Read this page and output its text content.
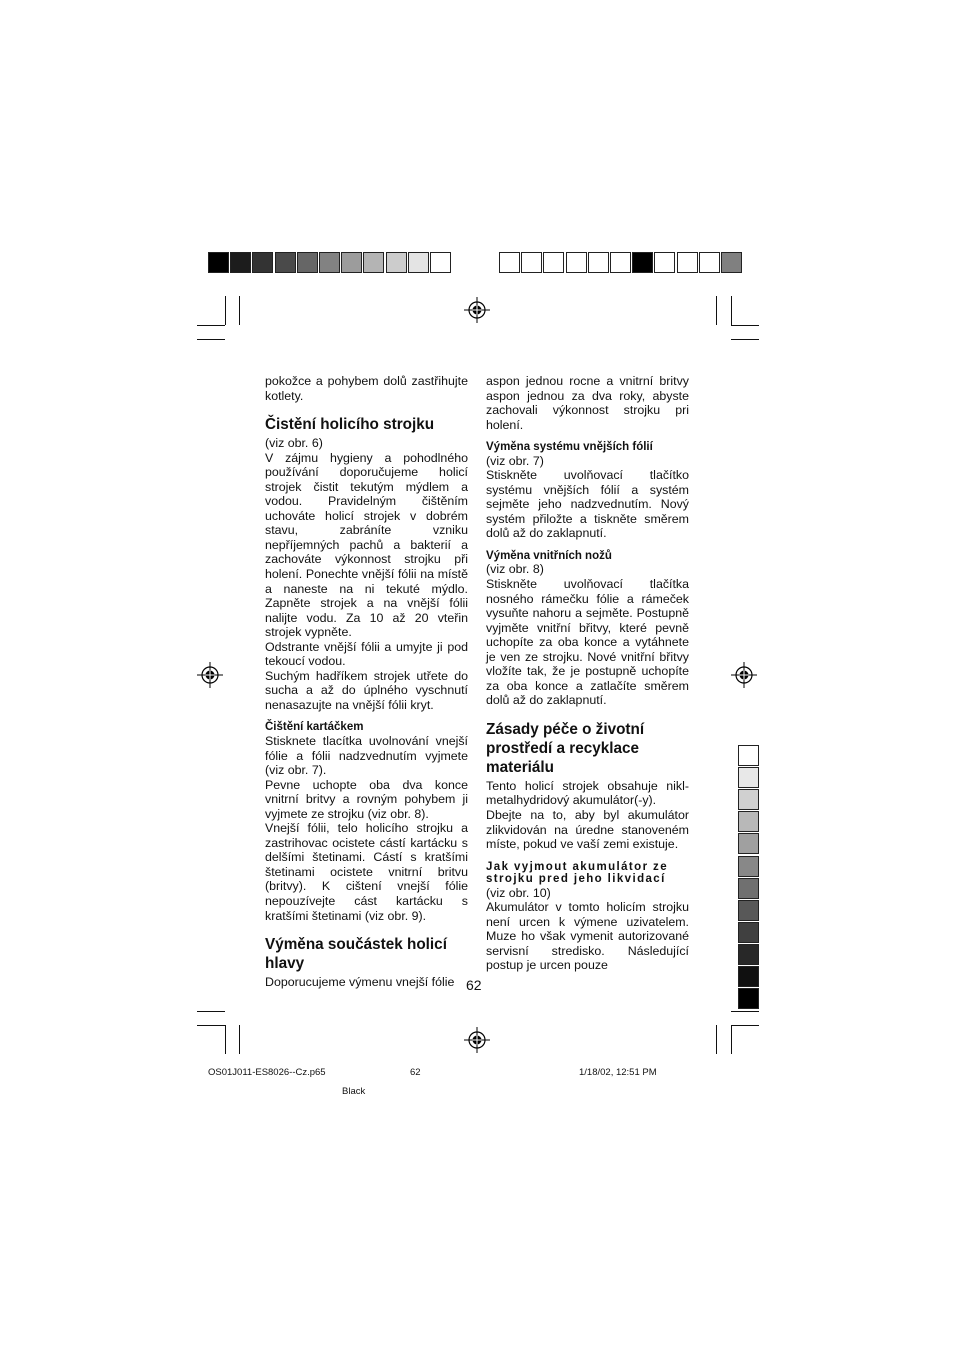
pokožce a pohybem dolů zastřihujte kotlety.

Čistění holicího strojku

(viz obr. 6)

V zájmu hygieny a pohodlného používání doporučujeme holicí strojek čistit tekutým mýdlem a vodou. Pravidelným čištěním uchováte holicí strojek v dobrém stavu, zabráníte vzniku nepříjemných pachů a bakterií a zachováte výkonnost strojku při holení. Ponechte vnější fólii na místě a naneste na ni tekuté mýdlo. Zapněte strojek a na vnější fólii nalijte vodu. Za 10 až 20 vteřin strojek vypněte.

Odstrante vnější fólii a umyjte ji pod tekoucí vodou.

Suchým hadříkem strojek utřete do sucha a až do úplného vyschnutí nenasazujte na vnější fólii kryt.

Čištění kartáčkem

Stisknete tlacítka uvolnování vnejší fólie a fólii nadzvednutím vyjmete (viz obr. 7).

Pevne uchopte oba dva konce vnitrní britvy a rovným pohybem ji vyjmete ze strojku (viz obr. 8).

Vnejší fólii, telo holicího strojku a zastrihovac ocistete cástí kartácku s delšími štetinami. Cástí s kratšími štetinami ocistete vnitrní britvu (britvy). K cištení vnejší fólie nepouzívejte cást kartácku s kratšími štetinami (viz obr. 9).

Výměna součástek holicí hlavy

Doporucujeme výmenu vnejší fólie

aspon jednou rocne a vnitrní britvy aspon jednou za dva roky, abyste zachovali výkonnost strojku pri holení.

Výměna systému vnějších fólií

(viz obr. 7)

Stiskněte uvolňovací tlačítko systému vnějších fólií a systém sejměte jeho nadzvednutím. Nový systém přiložte a tiskněte směrem dolů až do zaklapnutí.

Výměna vnitřních nožů

(viz obr. 8)

Stiskněte uvolňovací tlačítka nosného rámečku fólie a rámeček vysuňte nahoru a sejměte. Postupně vyjměte vnitřní břitvy, které pevně uchopíte za oba konce a vytáhnete je ven ze strojku. Nové vnitřní břitvy vložíte tak, že je postupně uchopíte za oba konce a zatlačíte směrem dolů až do zaklapnutí.

Zásady péče o životní prostředí a recyklace materiálu

Tento holicí strojek obsahuje nikl-metalhydridový akumulátor(-y).

Dbejte na to, aby byl akumulátor zlikvidován na úredne stanoveném míste, pokud ve vaší zemi existuje.

Jak vyjmout akumulátor ze strojku pred jeho likvidací

(viz obr. 10)

Akumulátor v tomto holicím strojku není urcen k výmene uzivatelem. Muze ho však vymenit autorizované servisní stredisko. Následující postup je urcen pouze

62
OS01J011-ES8026--Cz.p65	62	1/18/02, 12:51 PM
Black
